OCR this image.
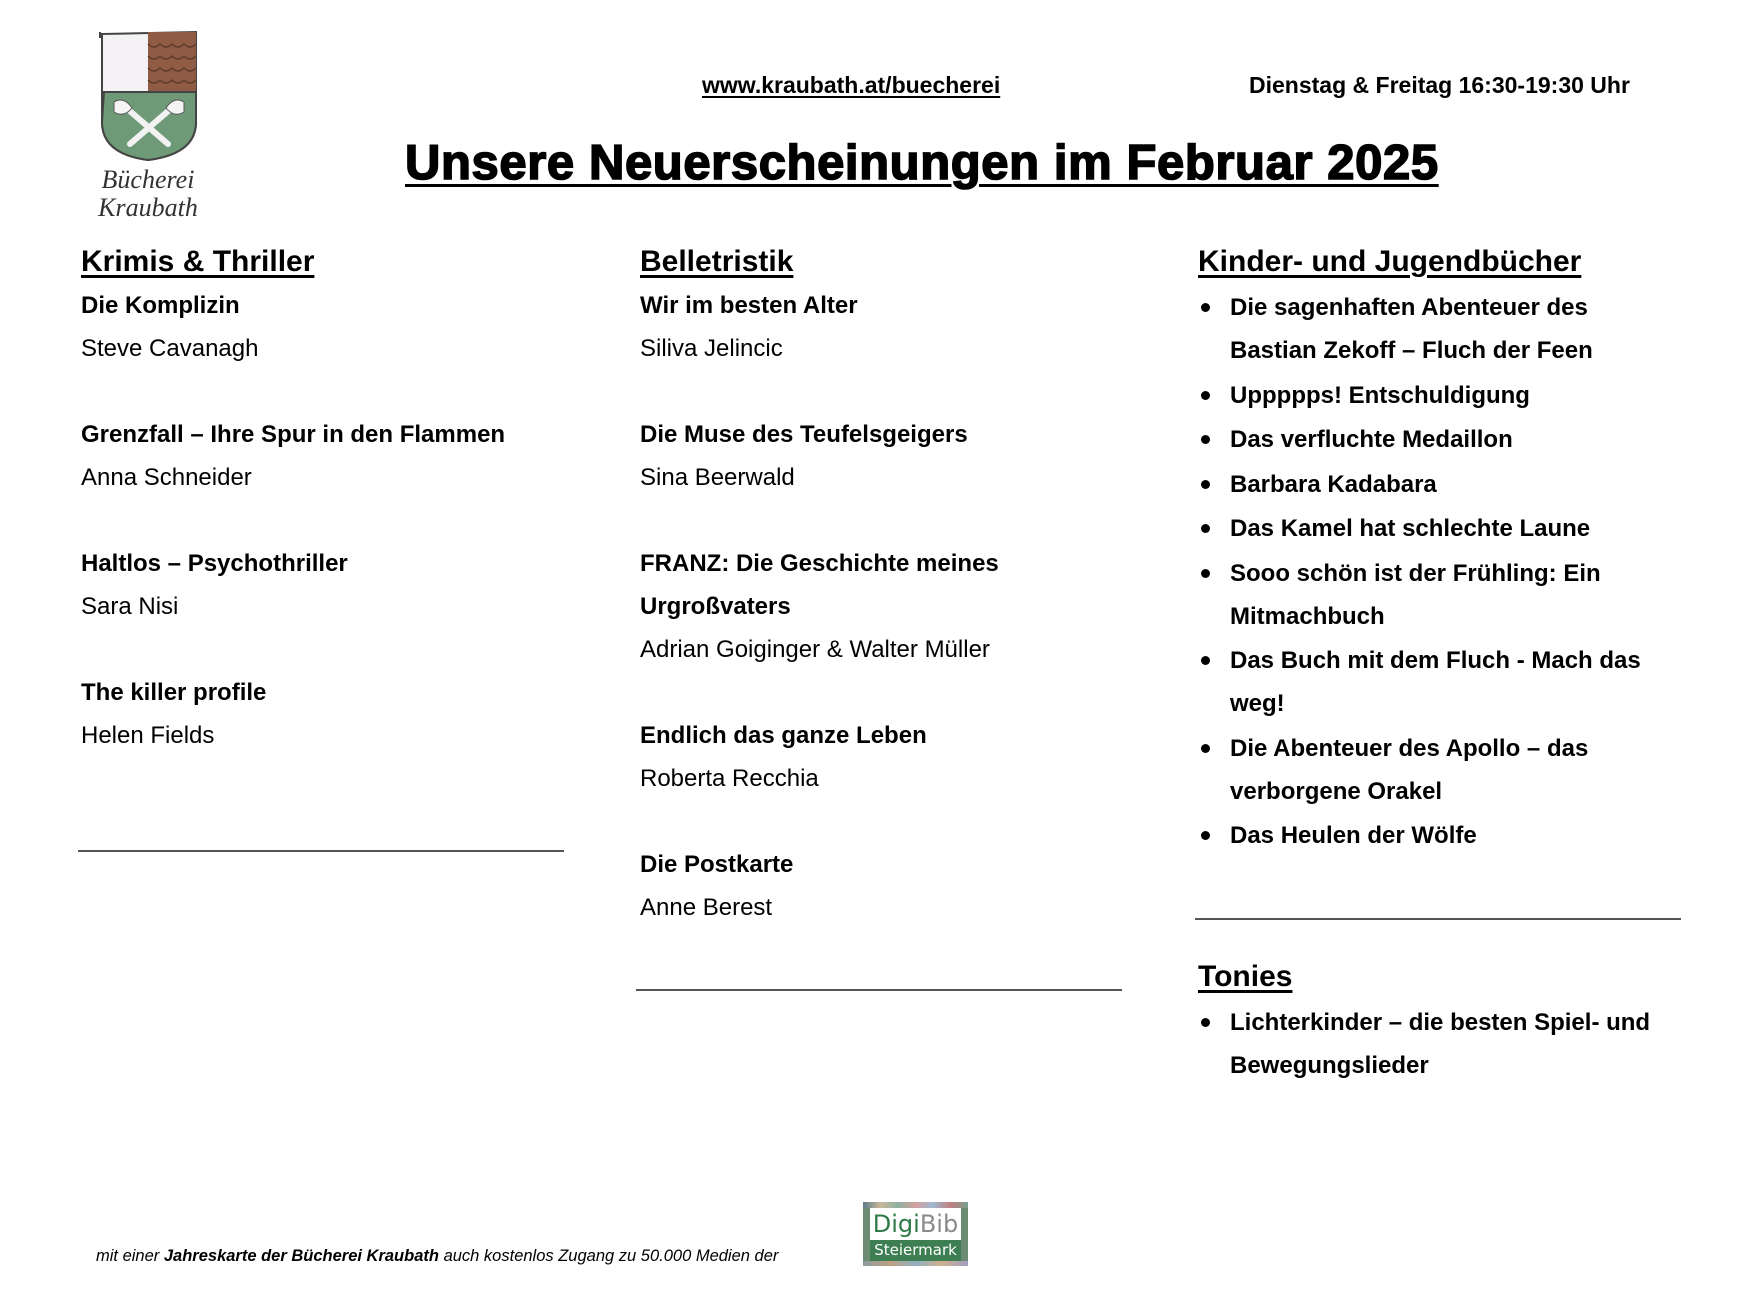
Bücherei
Kraubath
www.kraubath.at/buecherei	Dienstag & Freitag 16:30-19:30 Uhr
Unsere Neuerscheinungen im Februar 2025
Krimis & Thriller
Die Komplizin
Steve Cavanagh
Grenzfall – Ihre Spur in den Flammen
Anna Schneider
Haltlos – Psychothriller
Sara Nisi
The killer profile
Helen Fields
Belletristik
Wir im besten Alter
Siliva Jelincic
Die Muse des Teufelsgeigers
Sina Beerwald
FRANZ: Die Geschichte meines
Urgroßvaters
Adrian Goiginger & Walter Müller
Endlich das ganze Leben
Roberta Recchia
Die Postkarte
Anne Berest
Kinder- und Jugendbücher
Die sagenhaften Abenteuer des
Bastian Zekoff – Fluch der Feen
Uppppps! Entschuldigung
Das verfluchte Medaillon
Barbara Kadabara
Das Kamel hat schlechte Laune
Sooo schön ist der Frühling: Ein
Mitmachbuch
Das Buch mit dem Fluch - Mach das
weg!
Die Abenteuer des Apollo – das
verborgene Orakel
Das Heulen der Wölfe
Tonies
Lichterkinder – die besten Spiel- und
Bewegungslieder
mit einer Jahreskarte der Bücherei Kraubath auch kostenlos Zugang zu 50.000 Medien der
DigiBib
Steiermark
